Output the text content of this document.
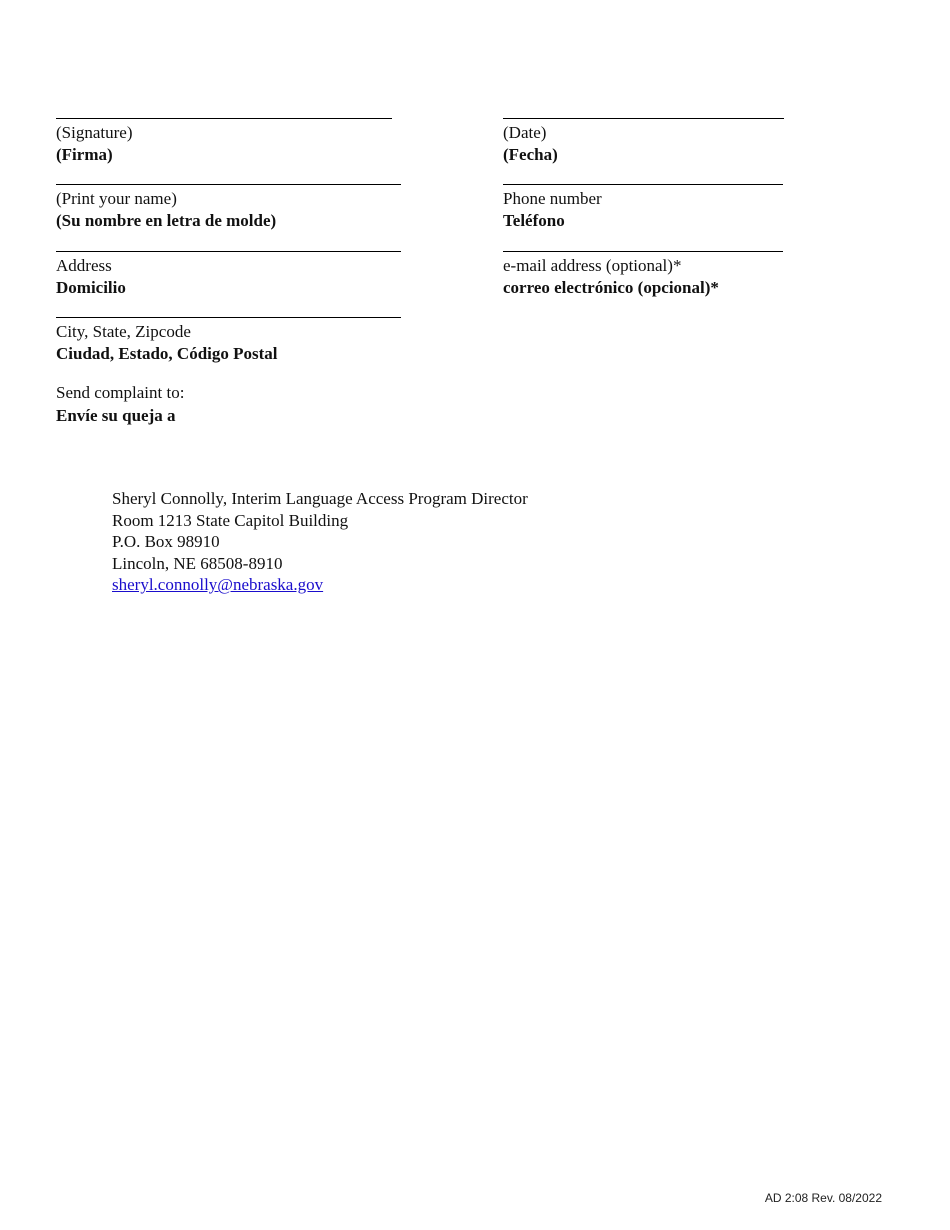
(Signature)
(Firma)
(Date)
(Fecha)
(Print your name)
(Su nombre en letra de molde)
Phone number
Teléfono
Address
Domicilio
e-mail address (optional)*
correo electrónico (opcional)*
City, State, Zipcode
Ciudad, Estado, Código Postal
Send complaint to:
Envíe su queja a
Sheryl Connolly, Interim Language Access Program Director
Room 1213 State Capitol Building
P.O. Box 98910
Lincoln, NE 68508-8910
sheryl.connolly@nebraska.gov
AD 2:08 Rev. 08/2022
